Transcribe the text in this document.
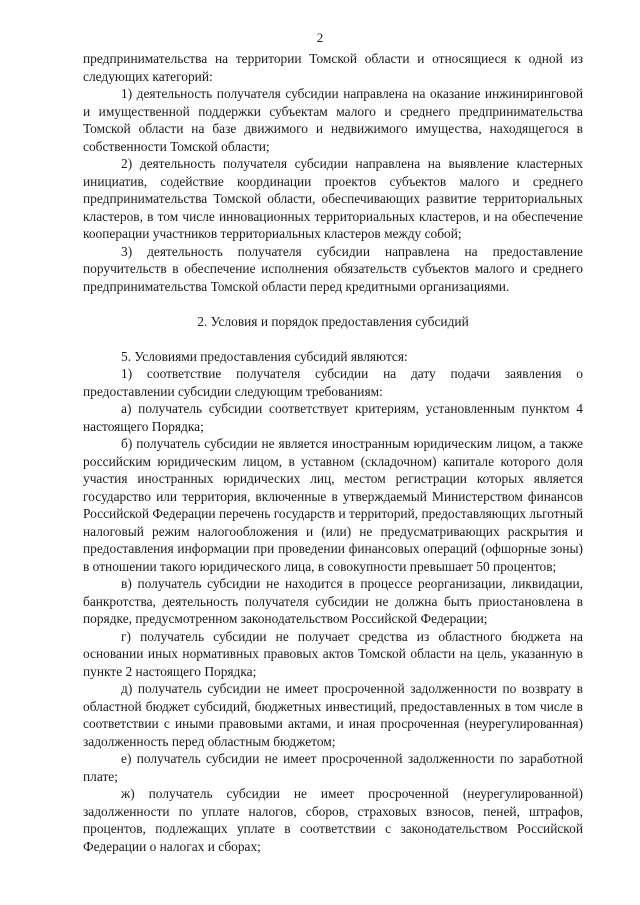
2

предпринимательства на территории Томской области и относящиеся к одной из следующих категорий:

1) деятельность получателя субсидии направлена на оказание инжиниринговой и имущественной поддержки субъектам малого и среднего предпринимательства Томской области на базе движимого и недвижимого имущества, находящегося в собственности Томской области;

2) деятельность получателя субсидии направлена на выявление кластерных инициатив, содействие координации проектов субъектов малого и среднего предпринимательства Томской области, обеспечивающих развитие территориальных кластеров, в том числе инновационных территориальных кластеров, и на обеспечение кооперации участников территориальных кластеров между собой;

3) деятельность получателя субсидии направлена на предоставление поручительств в обеспечение исполнения обязательств субъектов малого и среднего предпринимательства Томской области перед кредитными организациями.

2. Условия и порядок предоставления субсидий

5. Условиями предоставления субсидий являются:

1) соответствие получателя субсидии на дату подачи заявления о предоставлении субсидии следующим требованиям:

а) получатель субсидии соответствует критериям, установленным пунктом 4 настоящего Порядка;

б) получатель субсидии не является иностранным юридическим лицом, а также российским юридическим лицом, в уставном (складочном) капитале которого доля участия иностранных юридических лиц, местом регистрации которых является государство или территория, включенные в утверждаемый Министерством финансов Российской Федерации перечень государств и территорий, предоставляющих льготный налоговый режим налогообложения и (или) не предусматривающих раскрытия и предоставления информации при проведении финансовых операций (офшорные зоны) в отношении такого юридического лица, в совокупности превышает 50 процентов;

в) получатель субсидии не находится в процессе реорганизации, ликвидации, банкротства, деятельность получателя субсидии не должна быть приостановлена в порядке, предусмотренном законодательством Российской Федерации;

г) получатель субсидии не получает средства из областного бюджета на основании иных нормативных правовых актов Томской области на цель, указанную в пункте 2 настоящего Порядка;

д) получатель субсидии не имеет просроченной задолженности по возврату в областной бюджет субсидий, бюджетных инвестиций, предоставленных в том числе в соответствии с иными правовыми актами, и иная просроченная (неурегулированная) задолженность перед областным бюджетом;

е) получатель субсидии не имеет просроченной задолженности по заработной плате;

ж) получатель субсидии не имеет просроченной (неурегулированной) задолженности по уплате налогов, сборов, страховых взносов, пеней, штрафов, процентов, подлежащих уплате в соответствии с законодательством Российской Федерации о налогах и сборах;
